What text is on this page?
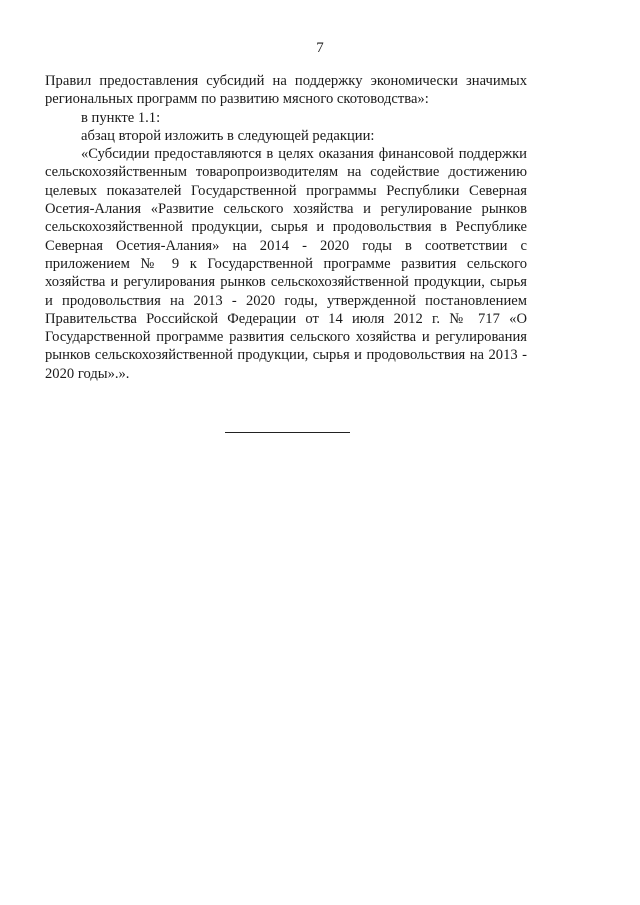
7

Правил предоставления субсидий на поддержку экономически значимых региональных программ по развитию мясного скотоводства»:

в пункте 1.1:

абзац второй изложить в следующей редакции:

«Субсидии предоставляются в целях оказания финансовой поддержки сельскохозяйственным товаропроизводителям на содействие достижению целевых показателей Государственной программы Республики Северная Осетия-Алания «Развитие сельского хозяйства и регулирование рынков сельскохозяйственной продукции, сырья и продовольствия в Республике Северная Осетия-Алания» на 2014 - 2020 годы в соответствии с приложением № 9 к Государственной программе развития сельского хозяйства и регулирования рынков сельскохозяйственной продукции, сырья и продовольствия на 2013 - 2020 годы, утвержденной постановлением Правительства Российской Федерации от 14 июля 2012 г. № 717 «О Государственной программе развития сельского хозяйства и регулирования рынков сельскохозяйственной продукции, сырья и продовольствия на 2013 - 2020 годы».».
